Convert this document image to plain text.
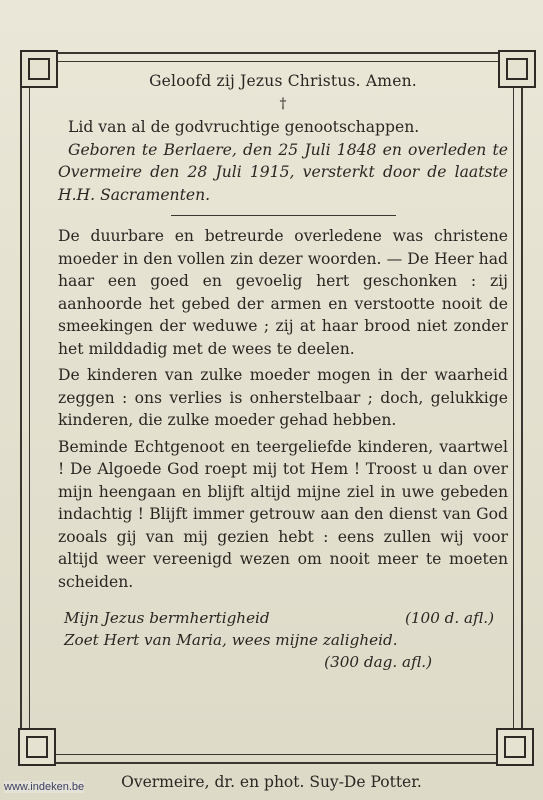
Geloofd zij Jezus Christus. Amen.
†

Lid van al de godvruchtige genootschappen.

Geboren te Berlaere, den 25 Juli 1848 en overleden te Overmeire den 28 Juli 1915, versterkt door de laatste H.H. Sacramenten.

De duurbare en betreurde overledene was christene moeder in den vollen zin dezer woorden. — De Heer had haar een goed en gevoelig hert geschonken : zij aanhoorde het gebed der armen en verstootte nooit de smeekingen der weduwe ; zij at haar brood niet zonder het milddadig met de wees te deelen.

De kinderen van zulke moeder mogen in der waarheid zeggen : ons verlies is onherstelbaar ; doch, gelukkige kinderen, die zulke moeder gehad hebben.

Beminde Echtgenoot en teergeliefde kinderen, vaartwel ! De Algoede God roept mij tot Hem ! Troost u dan over mijn heengaan en blijft altijd mijne ziel in uwe gebeden indachtig ! Blijft immer getrouw aan den dienst van God zooals gij van mij gezien hebt : eens zullen wij voor altijd weer vereenigd wezen om nooit meer te moeten scheiden.

Mijn Jezus bermhertigheid	(100 d. afl.)
Zoet Hert van Maria, wees mijne zaligheid.
(300 dag. afl.)
Overmeire, dr. en phot. Suy-De Potter.
www.indeken.be
